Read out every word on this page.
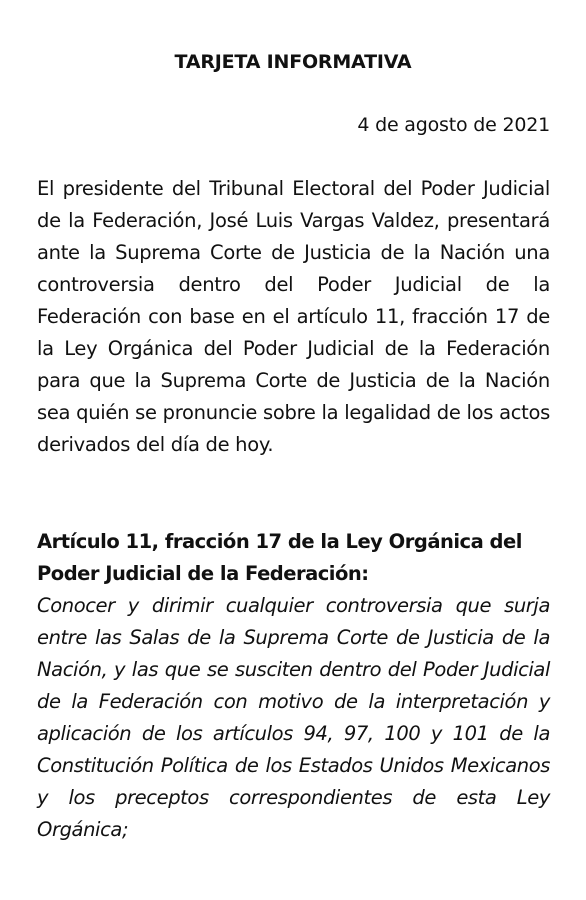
TARJETA INFORMATIVA
4 de agosto de 2021

El presidente del Tribunal Electoral del Poder Judicial de la Federación, José Luis Vargas Valdez, presentará ante la Suprema Corte de Justicia de la Nación una controversia dentro del Poder Judicial de la Federación con base en el artículo 11, fracción 17 de la Ley Orgánica del Poder Judicial de la Federación para que la Suprema Corte de Justicia de la Nación sea quién se pronuncie sobre la legalidad de los actos derivados del día de hoy.

Artículo 11, fracción 17 de la Ley Orgánica del Poder Judicial de la Federación:

Conocer y dirimir cualquier controversia que surja entre las Salas de la Suprema Corte de Justicia de la Nación, y las que se susciten dentro del Poder Judicial de la Federación con motivo de la interpretación y aplicación de los artículos 94, 97, 100 y 101 de la Constitución Política de los Estados Unidos Mexicanos y los preceptos correspondientes de esta Ley Orgánica;
